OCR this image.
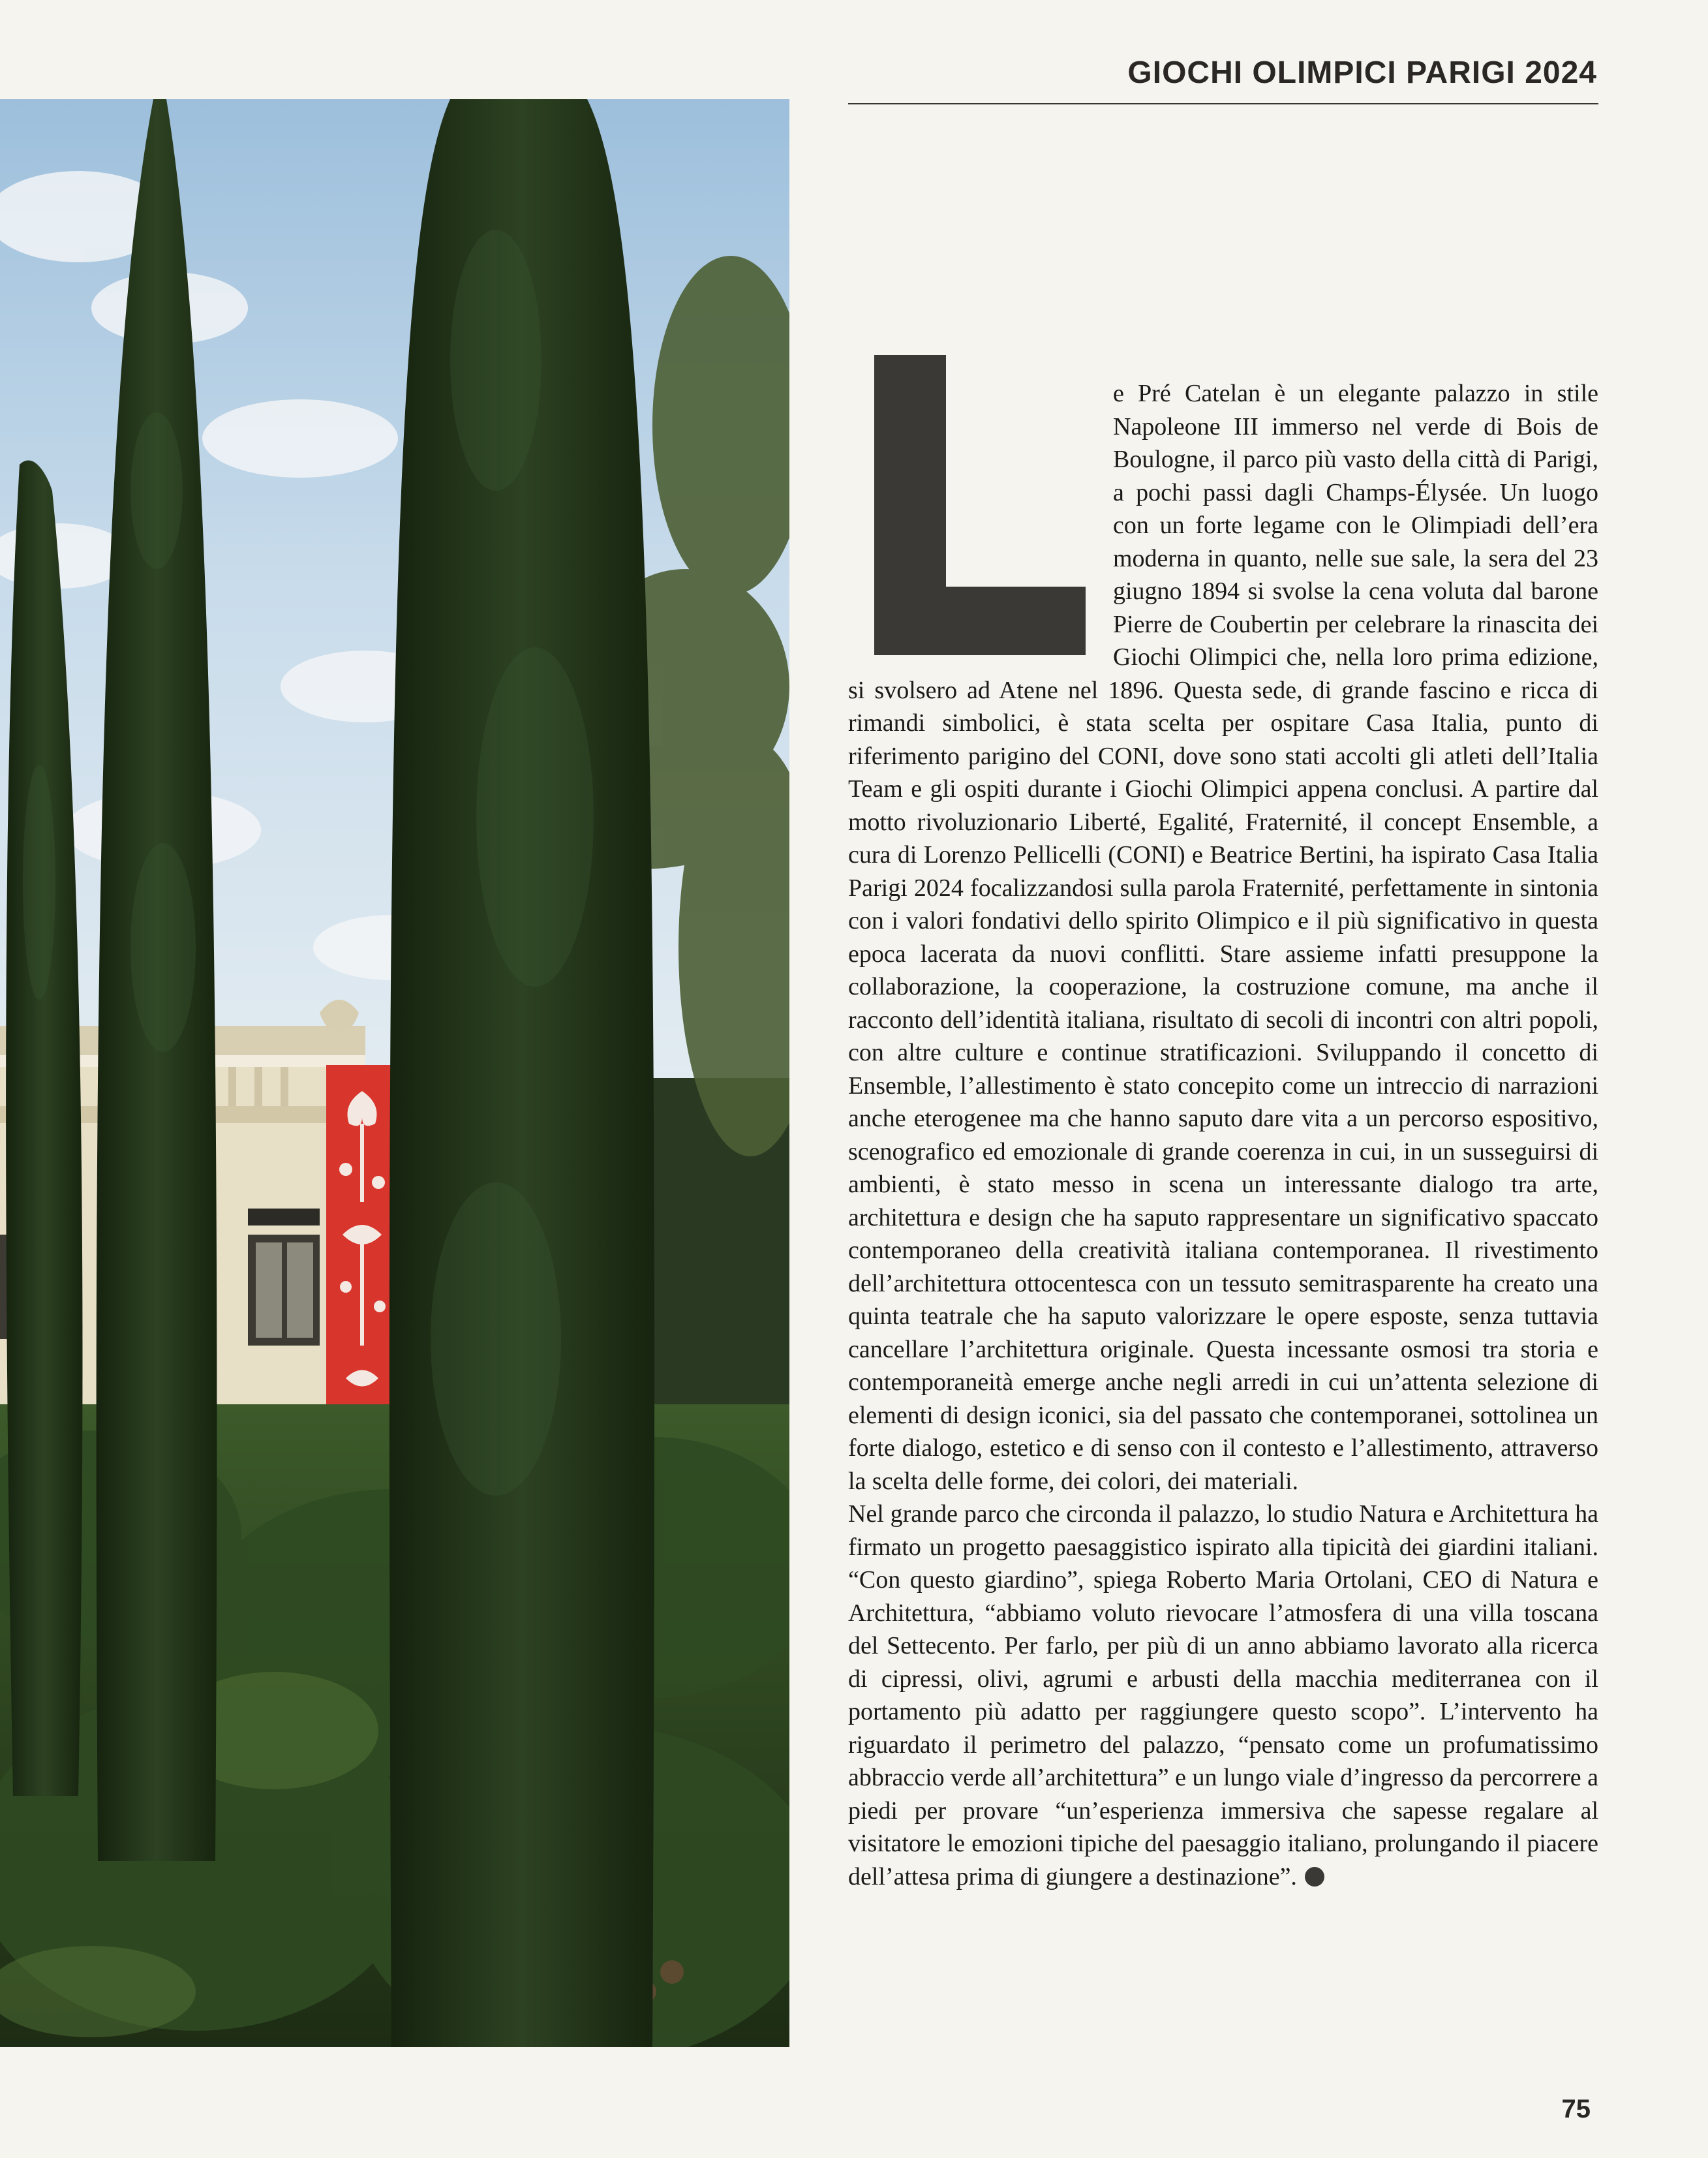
GIOCHI OLIMPICI PARIGI 2024

e Pré Catelan è un elegante palazzo in stile Napoleone III immerso nel verde di Bois de Boulogne, il parco più vasto della città di Parigi, a pochi passi dagli Champs-Élysée. Un luogo con un forte legame con le Olimpiadi dell’era moderna in quanto, nelle sue sale, la sera del 23 giugno 1894 si svolse la cena voluta dal barone Pierre de Coubertin per celebrare la rinascita dei Giochi Olimpici che, nella loro prima edizione, si svolsero ad Atene nel 1896. Questa sede, di grande fascino e ricca di rimandi simbolici, è stata scelta per ospitare Casa Italia, punto di riferimento parigino del CONI, dove sono stati accolti gli atleti dell’Italia Team e gli ospiti durante i Giochi Olimpici appena conclusi. A partire dal motto rivoluzionario Liberté, Egalité, Fraternité, il concept Ensemble, a cura di Lorenzo Pellicelli (CONI) e Beatrice Bertini, ha ispirato Casa Italia Parigi 2024 focalizzandosi sulla parola Fraternité, perfettamente in sintonia con i valori fondativi dello spirito Olimpico e il più significativo in questa epoca lacerata da nuovi conflitti. Stare assieme infatti presuppone la collaborazione, la cooperazione, la costruzione comune, ma anche il racconto dell’identità italiana, risultato di secoli di incontri con altri popoli, con altre culture e continue stratificazioni. Sviluppando il concetto di Ensemble, l’allestimento è stato concepito come un intreccio di narrazioni anche eterogenee ma che hanno saputo dare vita a un percorso espositivo, scenografico ed emozionale di grande coerenza in cui, in un susseguirsi di ambienti, è stato messo in scena un interessante dialogo tra arte, architettura e design che ha saputo rappresentare un significativo spaccato contemporaneo della creatività italiana contemporanea. Il rivestimento dell’architettura ottocentesca con un tessuto semitrasparente ha creato una quinta teatrale che ha saputo valorizzare le opere esposte, senza tuttavia cancellare l’architettura originale. Questa incessante osmosi tra storia e contemporaneità emerge anche negli arredi in cui un’attenta selezione di elementi di design iconici, sia del passato che contemporanei, sottolinea un forte dialogo, estetico e di senso con il contesto e l’allestimento, attraverso la scelta delle forme, dei colori, dei materiali.

Nel grande parco che circonda il palazzo, lo studio Natura e Architettura ha firmato un progetto paesaggistico ispirato alla tipicità dei giardini italiani. “Con questo giardino”, spiega Roberto Maria Ortolani, CEO di Natura e Architettura, “abbiamo voluto rievocare l’atmosfera di una villa toscana del Settecento. Per farlo, per più di un anno abbiamo lavorato alla ricerca di cipressi, olivi, agrumi e arbusti della macchia mediterranea con il portamento più adatto per raggiungere questo scopo”. L’intervento ha riguardato il perimetro del palazzo, “pensato come un profumatissimo abbraccio verde all’architettura” e un lungo viale d’ingresso da percorrere a piedi per provare “un’esperienza immersiva che sapesse regalare al visitatore le emozioni tipiche del paesaggio italiano, prolungando il piacere dell’attesa prima di giungere a destinazione”.

75
